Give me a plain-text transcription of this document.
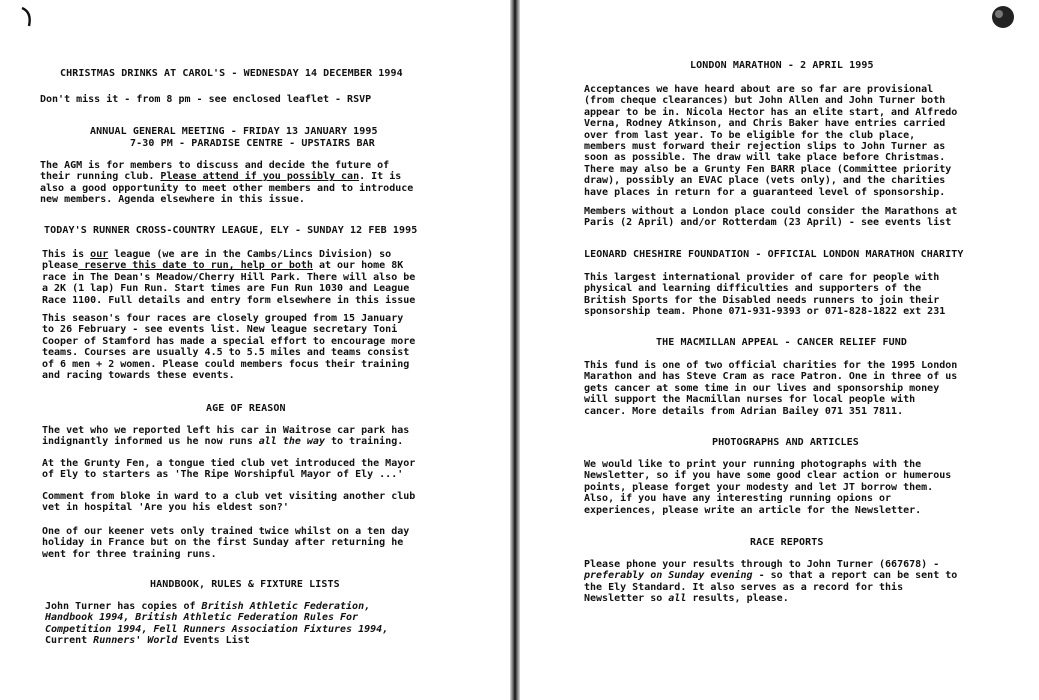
CHRISTMAS DRINKS AT CAROL'S - WEDNESDAY 14 DECEMBER 1994
Don't miss it - from 8 pm - see enclosed leaflet - RSVP
ANNUAL GENERAL MEETING - FRIDAY 13 JANUARY 1995
7-30 PM - PARADISE CENTRE - UPSTAIRS BAR
The AGM is for members to discuss and decide the future of
their running club. Please attend if you possibly can. It is
also a good opportunity to meet other members and to introduce
new members. Agenda elsewhere in this issue.
TODAY'S RUNNER CROSS-COUNTRY LEAGUE, ELY - SUNDAY 12 FEB 1995
This is our league (we are in the Cambs/Lincs Division) so
please reserve this date to run, help or both at our home 8K
race in The Dean's Meadow/Cherry Hill Park. There will also be
a 2K (1 lap) Fun Run. Start times are Fun Run 1030 and League
Race 1100. Full details and entry form elsewhere in this issue
This season's four races are closely grouped from 15 January
to 26 February - see events list. New league secretary Toni
Cooper of Stamford has made a special effort to encourage more
teams. Courses are usually 4.5 to 5.5 miles and teams consist
of 6 men + 2 women. Please could members focus their training
and racing towards these events.
AGE OF REASON
The vet who we reported left his car in Waitrose car park has
indignantly informed us he now runs all the way to training.
At the Grunty Fen, a tongue tied club vet introduced the Mayor
of Ely to starters as 'The Ripe Worshipful Mayor of Ely ...'
Comment from bloke in ward to a club vet visiting another club
vet in hospital 'Are you his eldest son?'
One of our keener vets only trained twice whilst on a ten day
holiday in France but on the first Sunday after returning he
went for three training runs.
HANDBOOK, RULES & FIXTURE LISTS
John Turner has copies of British Athletic Federation,
Handbook 1994, British Athletic Federation Rules For
Competition 1994, Fell Runners Association Fixtures 1994,
Current Runners' World Events List
LONDON MARATHON - 2 APRIL 1995
Acceptances we have heard about are so far are provisional
(from cheque clearances) but John Allen and John Turner both
appear to be in. Nicola Hector has an elite start, and Alfredo
Verna, Rodney Atkinson, and Chris Baker have entries carried
over from last year. To be eligible for the club place,
members must forward their rejection slips to John Turner as
soon as possible. The draw will take place before Christmas.
There may also be a Grunty Fen BARR place (Committee priority
draw), possibly an EVAC place (vets only), and the charities
have places in return for a guaranteed level of sponsorship.
Members without a London place could consider the Marathons at
Paris (2 April) and/or Rotterdam (23 April) - see events list
LEONARD CHESHIRE FOUNDATION - OFFICIAL LONDON MARATHON CHARITY
This largest international provider of care for people with
physical and learning difficulties and supporters of the
British Sports for the Disabled needs runners to join their
sponsorship team. Phone 071-931-9393 or 071-828-1822 ext 231
THE MACMILLAN APPEAL - CANCER RELIEF FUND
This fund is one of two official charities for the 1995 London
Marathon and has Steve Cram as race Patron. One in three of us
gets cancer at some time in our lives and sponsorship money
will support the Macmillan nurses for local people with
cancer. More details from Adrian Bailey 071 351 7811.
PHOTOGRAPHS AND ARTICLES
We would like to print your running photographs with the
Newsletter, so if you have some good clear action or humerous
points, please forget your modesty and let JT borrow them.
Also, if you have any interesting running opions or
experiences, please write an article for the Newsletter.
RACE REPORTS
Please phone your results through to John Turner (667678) -
preferably on Sunday evening - so that a report can be sent to
the Ely Standard. It also serves as a record for this
Newsletter so all results, please.
